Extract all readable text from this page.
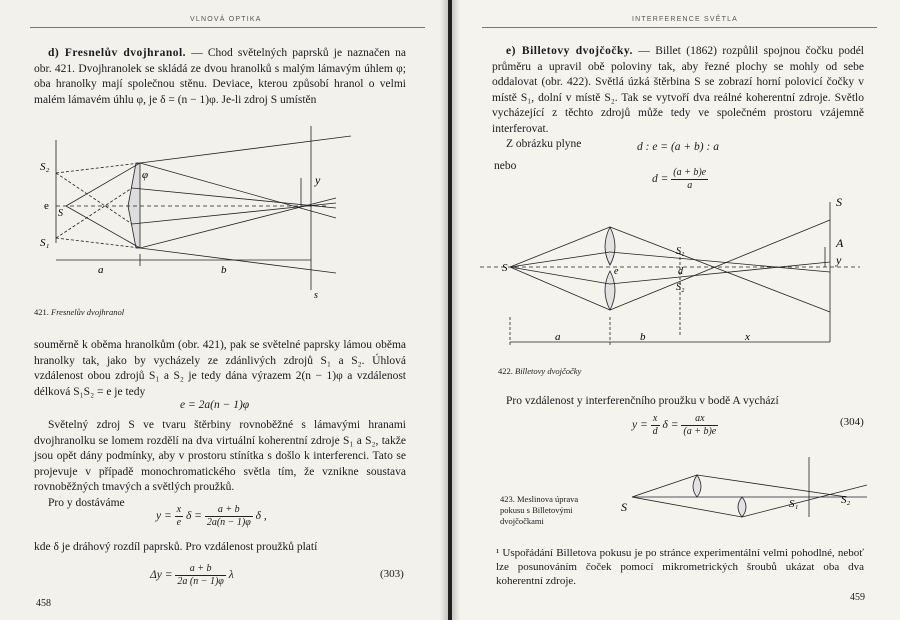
VLNOVÁ OPTIKA

d) Fresnelův dvojhranol. — Chod světelných paprsků je naznačen na obr. 421. Dvojhranolek se skládá ze dvou hranolků s malým lámavým úhlem φ; oba hranolky mají společnou stěnu. Deviace, kterou způsobí hranol o velmi malém lámavém úhlu φ, je δ = (n − 1)φ. Je-li zdroj S umístěn

S₂
e
S
S₁
φ	y
a	b
s
421. Fresnelův dvojhranol

souměrně k oběma hranolkům (obr. 421), pak se světelné paprsky lámou oběma hranolky tak, jako by vycházely ze zdánlivých zdrojů S₁ a S₂. Úhlová vzdálenost obou zdrojů S₁ a S₂ je tedy dána výrazem 2(n − 1)φ a vzdálenost délková S₁S₂ = e je tedy

e = 2a(n − 1)φ

Světelný zdroj S ve tvaru štěrbiny rovnoběžné s lámavými hranami dvojhranolku se lomem rozdělí na dva virtuální koherentní zdroje S₁ a S₂, takže jsou opět dány podmínky, aby v prostoru stínítka s došlo k interferenci. Tato se projevuje v případě monochromatického světla tím, že vznikne soustava rovnoběžných tmavých a světlých proužků.

Pro y dostáváme

$y = \frac{x}{e}$ $\delta = \frac{a + b}{2a(n - 1)\varphi}$ δ ,

kde δ je dráhový rozdíl paprsků. Pro vzdálenost proužků platí

$\Delta y = \frac{a + b}{2a (n - 1)\varphi}$ λ	(303)
458
INTERFERENCE SVĚTLA

e) Billetovy dvojčočky. — Billet (1862) rozpůlil spojnou čočku podél průměru a upravil obě poloviny tak, aby řezné plochy se mohly od sebe oddalovat (obr. 422). Světlá úzká štěrbina S se zobrazí horní polovicí čočky v místě S₁, dolní v místě S₂. Tak se vytvoří dva reálné koherentní zdroje. Světlo vycházející z těchto zdrojů může tedy ve společném prostoru vzájemně interferovat.

Z obrázku plyne	d : e = (a + b) : a
nebo
$d = \frac{(a + b)e}{a}$
S	e	d
S₁
S₂
S
A
y
a	b	x
422. Billetovy dvojčočky

Pro vzdálenost y interferenčního proužku v bodě A vychází

$y = \frac{x}{d}$ $\delta = \frac{ax}{(a + b)e}$	(304)
S	S₁	S₂
423. Meslinova úprava
pokusu s Billetovými
dvojčočkami

¹ Uspořádání Billetova pokusu je po stránce experimentální velmi pohodlné, neboť lze posunováním čoček pomocí mikrometrických šroubů ukázat oba dva koherentní zdroje.

459
